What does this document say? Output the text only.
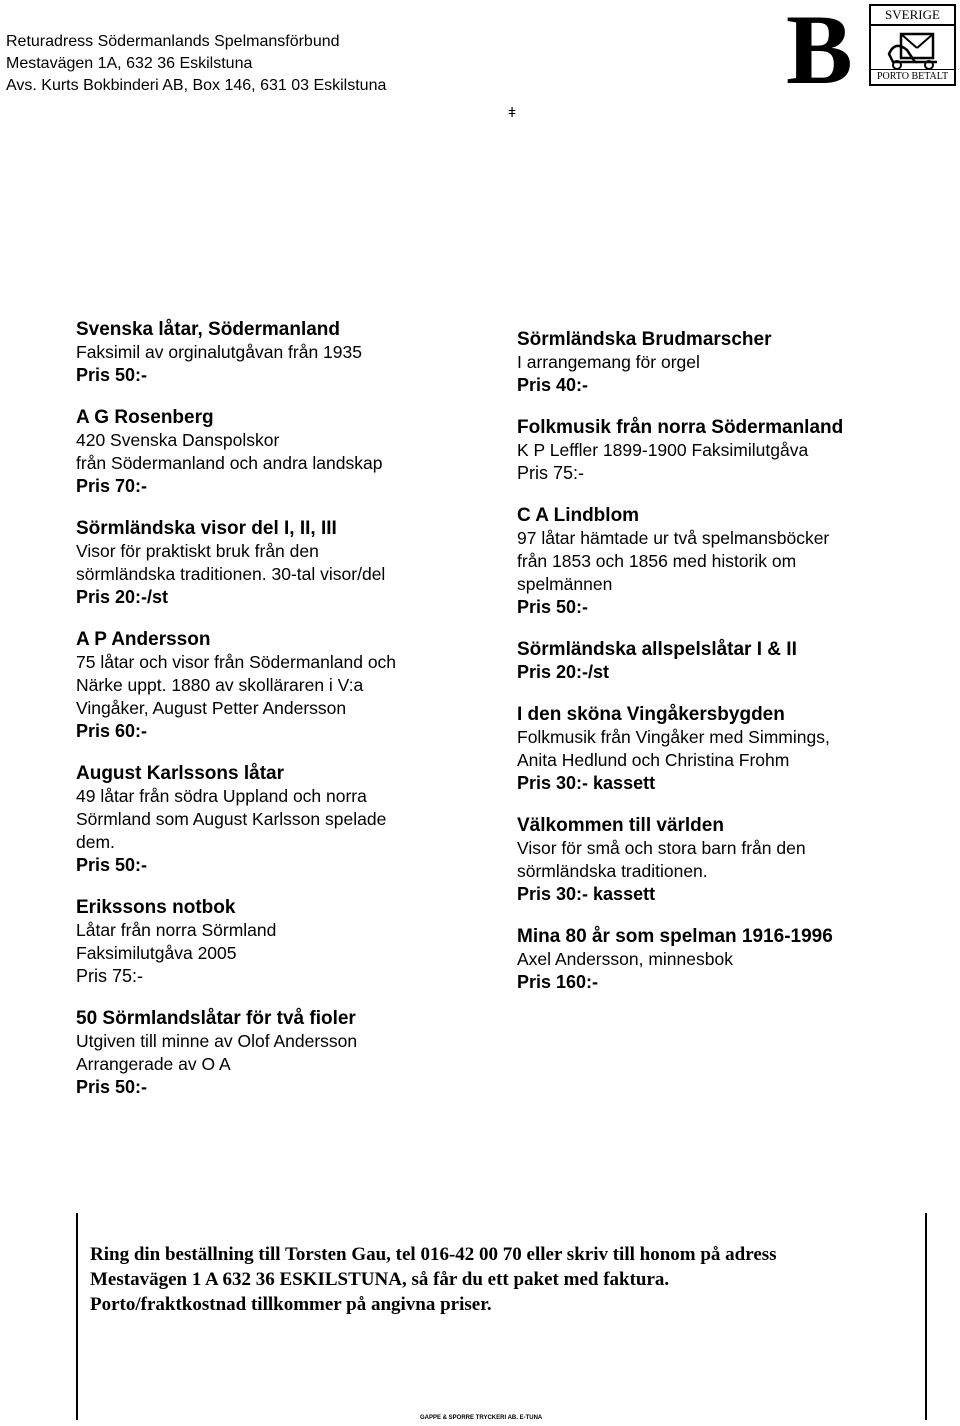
Returadress Södermanlands Spelmansförbund
Mestavägen 1A, 632 36 Eskilstuna
Avs. Kurts Bokbinderi AB, Box 146, 631 03 Eskilstuna	B	SVERIGE
PORTO BETALT
ǂ
Svenska låtar, Södermanland
Faksimil av orginalutgåvan från 1935
Pris 50:-
A G Rosenberg
420 Svenska Danspolskor
från Södermanland och andra landskap
Pris 70:-
Sörmländska visor del I, II, III
Visor för praktiskt bruk från den
sörmländska traditionen. 30-tal visor/del
Pris 20:-/st
A P Andersson
75 låtar och visor från Södermanland och
Närke uppt. 1880 av skolläraren i V:a
Vingåker, August Petter Andersson
Pris 60:-
August Karlssons låtar
49 låtar från södra Uppland och norra
Sörmland som August Karlsson spelade
dem.
Pris 50:-
Erikssons notbok
Låtar från norra Sörmland
Faksimilutgåva 2005
Pris 75:-
50 Sörmlandslåtar för två fioler
Utgiven till minne av Olof Andersson
Arrangerade av O A
Pris 50:-
Sörmländska Brudmarscher
I arrangemang för orgel
Pris 40:-
Folkmusik från norra Södermanland
K P Leffler 1899-1900 Faksimilutgåva
Pris 75:-
C A Lindblom
97 låtar hämtade ur två spelmansböcker
från 1853 och 1856 med historik om
spelmännen
Pris 50:-
Sörmländska allspelslåtar I & II
Pris 20:-/st
I den sköna Vingåkersbygden
Folkmusik från Vingåker med Simmings,
Anita Hedlund och Christina Frohm
Pris 30:- kassett
Välkommen till världen
Visor för små och stora barn från den
sörmländska traditionen.
Pris 30:- kassett
Mina 80 år som spelman 1916-1996
Axel Andersson, minnesbok
Pris 160:-
Ring din beställning till Torsten Gau, tel 016-42 00 70 eller skriv till honom på adress
Mestavägen 1 A 632 36 ESKILSTUNA, så får du ett paket med faktura.
Porto/fraktkostnad tillkommer på angivna priser.
GAPPE & SPORRE TRYCKERI AB. E-TUNA
